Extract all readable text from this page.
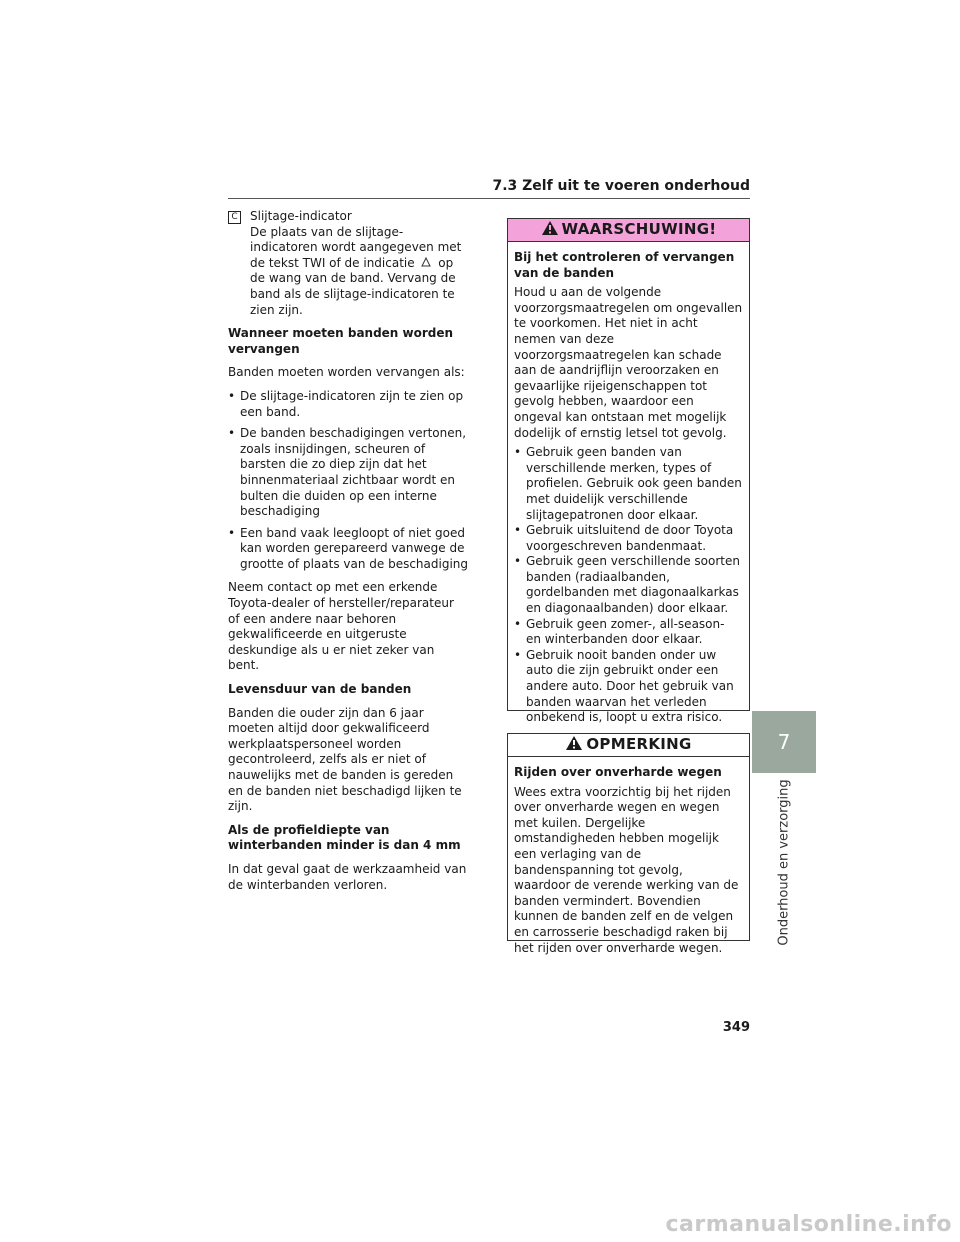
7.3 Zelf uit te voeren onderhoud
C Slijtage-indicator
De plaats van de slijtage-indicatoren wordt aangegeven met de tekst TWI of de indicatie op de wang van de band. Vervang de band als de slijtage-indicatoren te zien zijn.

Wanneer moeten banden worden vervangen

Banden moeten worden vervangen als:

• De slijtage-indicatoren zijn te zien op een band.
• De banden beschadigingen vertonen, zoals insnijdingen, scheuren of barsten die zo diep zijn dat het binnenmateriaal zichtbaar wordt en bulten die duiden op een interne beschadiging
• Een band vaak leegloopt of niet goed kan worden gerepareerd vanwege de grootte of plaats van de beschadiging

Neem contact op met een erkende Toyota-dealer of hersteller/reparateur of een andere naar behoren gekwalificeerde en uitgeruste deskundige als u er niet zeker van bent.

Levensduur van de banden

Banden die ouder zijn dan 6 jaar moeten altijd door gekwalificeerd werkplaatspersoneel worden gecontroleerd, zelfs als er niet of nauwelijks met de banden is gereden en de banden niet beschadigd lijken te zijn.

Als de profieldiepte van winterbanden minder is dan 4 mm

In dat geval gaat de werkzaamheid van de winterbanden verloren.

WAARSCHUWING!

Bij het controleren of vervangen van de banden

Houd u aan de volgende voorzorgsmaatregelen om ongevallen te voorkomen. Het niet in acht nemen van deze voorzorgsmaatregelen kan schade aan de aandrijflijn veroorzaken en gevaarlijke rijeigenschappen tot gevolg hebben, waardoor een ongeval kan ontstaan met mogelijk dodelijk of ernstig letsel tot gevolg.

• Gebruik geen banden van verschillende merken, types of profielen. Gebruik ook geen banden met duidelijk verschillende slijtagepatronen door elkaar.
• Gebruik uitsluitend de door Toyota voorgeschreven bandenmaat.
• Gebruik geen verschillende soorten banden (radiaalbanden, gordelbanden met diagonaalkarkas en diagonaalbanden) door elkaar.
• Gebruik geen zomer-, all-season- en winterbanden door elkaar.
• Gebruik nooit banden onder uw auto die zijn gebruikt onder een andere auto. Door het gebruik van banden waarvan het verleden onbekend is, loopt u extra risico.
OPMERKING

Rijden over onverharde wegen

Wees extra voorzichtig bij het rijden over onverharde wegen en wegen met kuilen. Dergelijke omstandigheden hebben mogelijk een verlaging van de bandenspanning tot gevolg, waardoor de verende werking van de banden vermindert. Bovendien kunnen de banden zelf en de velgen en carrosserie beschadigd raken bij het rijden over onverharde wegen.

7
Onderhoud en verzorging
349
carmanualsonline.info
